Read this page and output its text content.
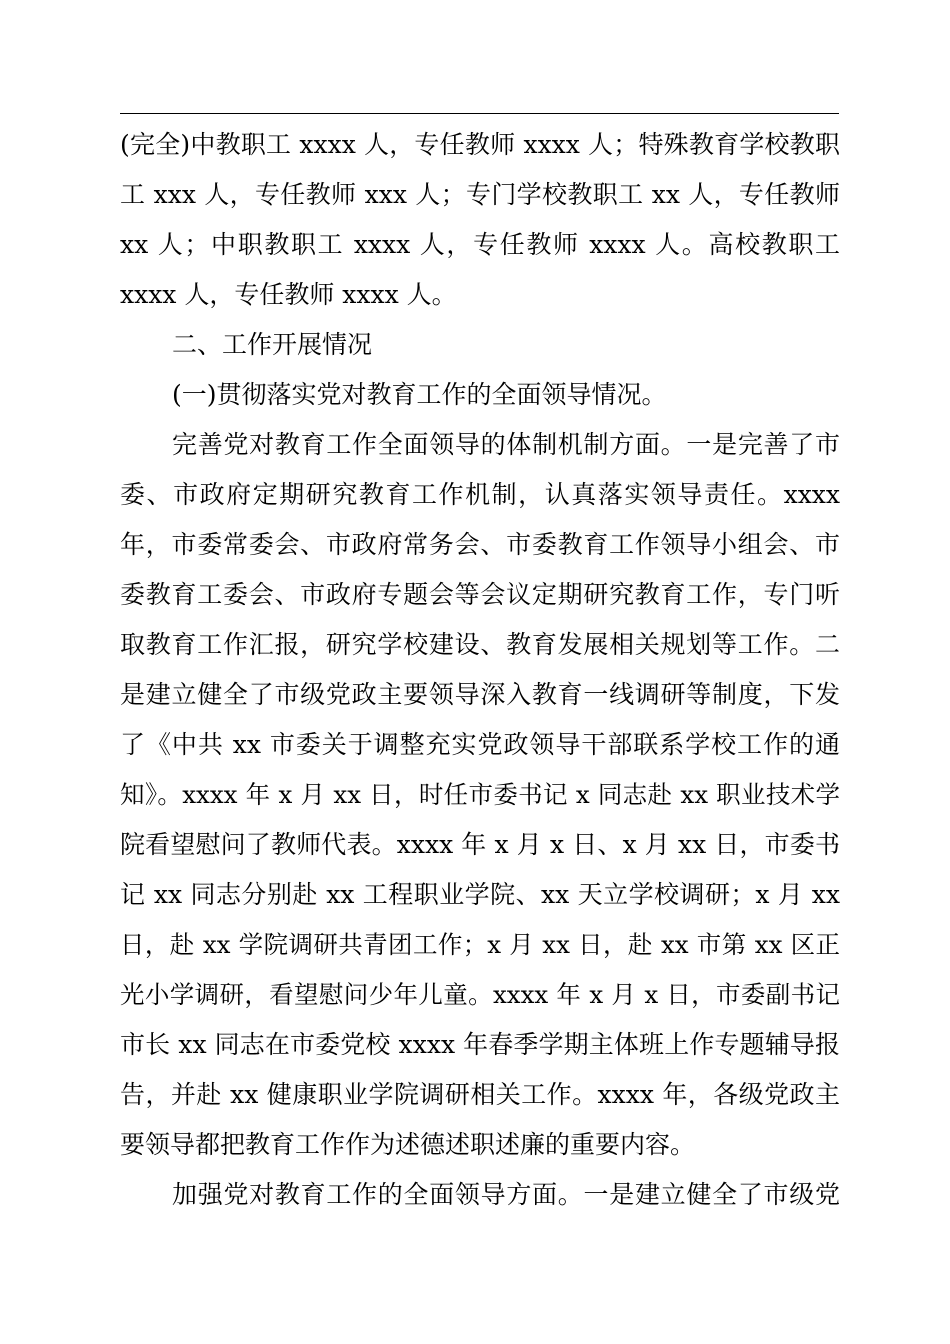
(完全)中教职工 xxxx 人，专任教师 xxxx 人；特殊教育学校教职
工 xxx 人，专任教师 xxx 人；专门学校教职工 xx 人，专任教师
xx 人；中职教职工 xxxx 人，专任教师 xxxx 人。高校教职工
xxxx 人，专任教师 xxxx 人。
二、工作开展情况
(一)贯彻落实党对教育工作的全面领导情况。
完善党对教育工作全面领导的体制机制方面。一是完善了市
委、市政府定期研究教育工作机制，认真落实领导责任。xxxx
年，市委常委会、市政府常务会、市委教育工作领导小组会、市
委教育工委会、市政府专题会等会议定期研究教育工作，专门听
取教育工作汇报，研究学校建设、教育发展相关规划等工作。二
是建立健全了市级党政主要领导深入教育一线调研等制度，下发
了《中共 xx 市委关于调整充实党政领导干部联系学校工作的通
知》。xxxx 年 x 月 xx 日，时任市委书记 x 同志赴 xx 职业技术学
院看望慰问了教师代表。xxxx 年 x 月 x 日、x 月 xx 日，市委书
记 xx 同志分别赴 xx 工程职业学院、xx 天立学校调研；x 月 xx
日，赴 xx 学院调研共青团工作；x 月 xx 日，赴 xx 市第 xx 区正
光小学调研，看望慰问少年儿童。xxxx 年 x 月 x 日，市委副书记
市长 xx 同志在市委党校 xxxx 年春季学期主体班上作专题辅导报
告，并赴 xx 健康职业学院调研相关工作。xxxx 年，各级党政主
要领导都把教育工作作为述德述职述廉的重要内容。
加强党对教育工作的全面领导方面。一是建立健全了市级党
